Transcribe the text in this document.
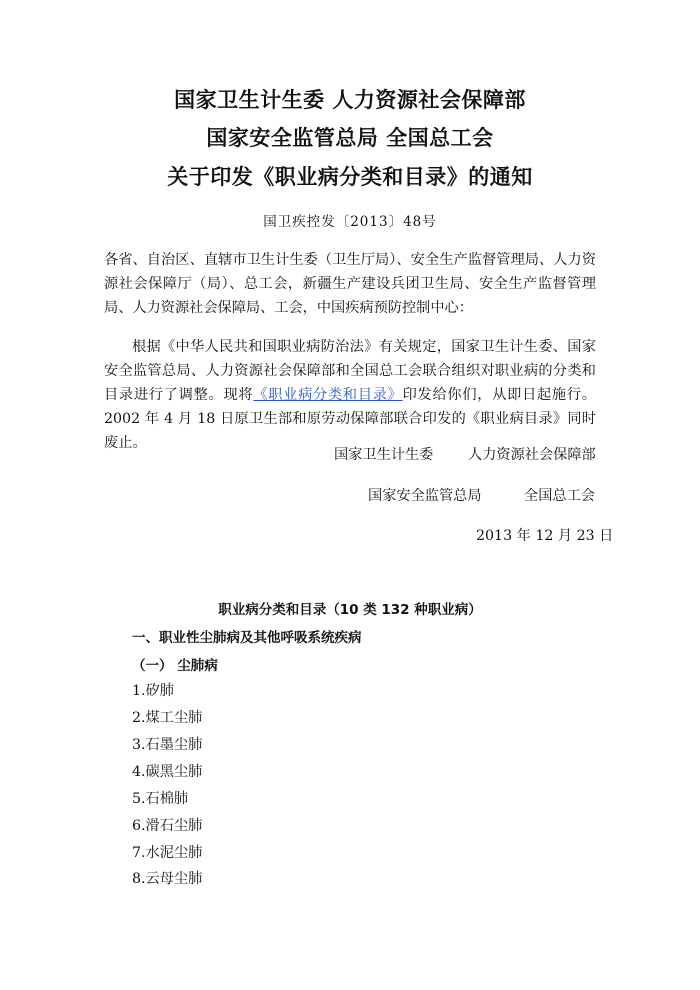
国家卫生计生委 人力资源社会保障部
国家安全监管总局 全国总工会
关于印发《职业病分类和目录》的通知
国卫疾控发〔2013〕48号
各省、自治区、直辖市卫生计生委（卫生厅局）、安全生产监督管理局、人力资源社会保障厅（局）、总工会，新疆生产建设兵团卫生局、安全生产监督管理局、人力资源社会保障局、工会，中国疾病预防控制中心：
根据《中华人民共和国职业病防治法》有关规定，国家卫生计生委、国家安全监管总局、人力资源社会保障部和全国总工会联合组织对职业病的分类和目录进行了调整。现将《职业病分类和目录》印发给你们，从即日起施行。2002 年 4 月 18 日原卫生部和原劳动保障部联合印发的《职业病目录》同时废止。
国家卫生计生委 人力资源社会保障部
国家安全监管总局	全国总工会
2013 年 12 月 23 日
职业病分类和目录（10 类 132 种职业病）
一、职业性尘肺病及其他呼吸系统疾病
（一） 尘肺病
1.矽肺
2.煤工尘肺
3.石墨尘肺
4.碳黑尘肺
5.石棉肺
6.滑石尘肺
7.水泥尘肺
8.云母尘肺
